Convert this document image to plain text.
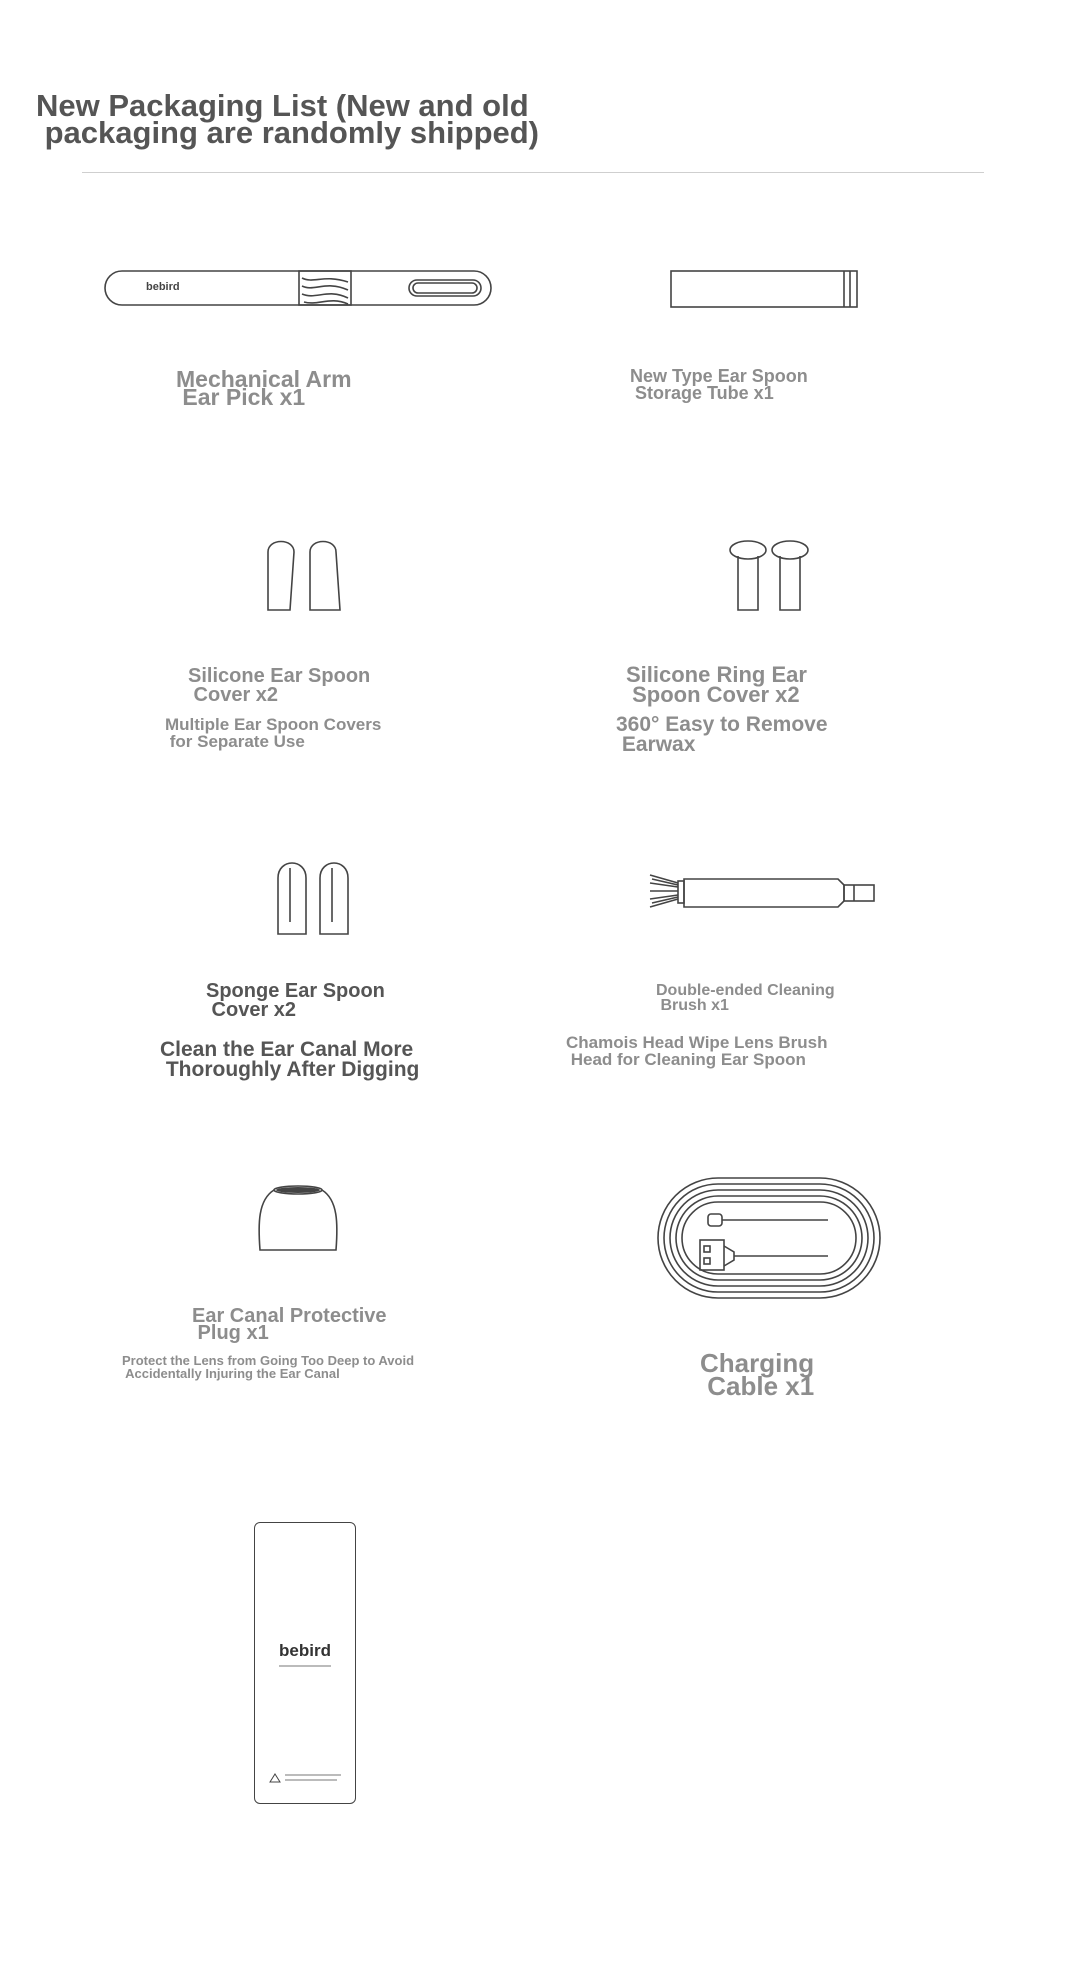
New Packaging List (New and old
packaging are randomly shipped)
bebird
Mechanical Arm
Ear Pick x1
New Type Ear Spoon
Storage Tube x1
Silicone Ear Spoon
Cover x2
Multiple Ear Spoon Covers
for Separate Use
Silicone Ring Ear
Spoon Cover x2
360° Easy to Remove
Earwax
Sponge Ear Spoon
Cover x2
Clean the Ear Canal More
Thoroughly After Digging
Double-ended Cleaning
Brush x1
Chamois Head Wipe Lens Brush
Head for Cleaning Ear Spoon
Ear Canal Protective
Plug x1
Protect the Lens from Going Too Deep to Avoid
Accidentally Injuring the Ear Canal	Charging
Cable x1
bebird
